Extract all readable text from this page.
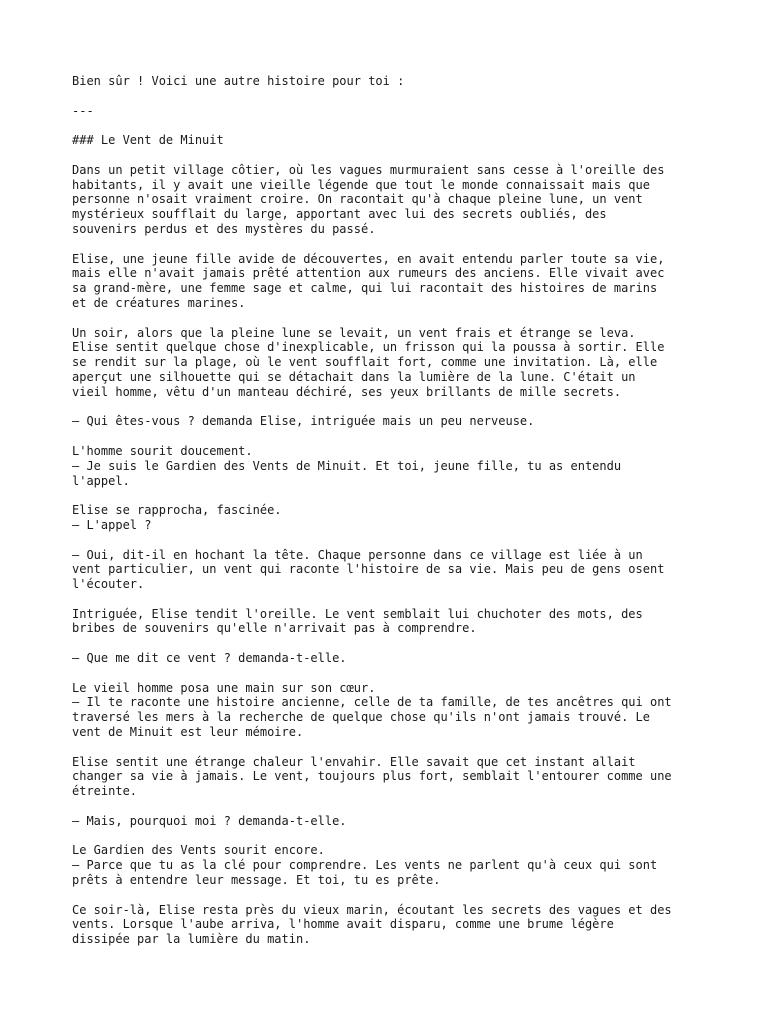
Bien sûr ! Voici une autre histoire pour toi :
---
### Le Vent de Minuit
Dans un petit village côtier, où les vagues murmuraient sans cesse à l'oreille des
habitants, il y avait une vieille légende que tout le monde connaissait mais que
personne n'osait vraiment croire. On racontait qu'à chaque pleine lune, un vent
mystérieux soufflait du large, apportant avec lui des secrets oubliés, des
souvenirs perdus et des mystères du passé.
Elise, une jeune fille avide de découvertes, en avait entendu parler toute sa vie,
mais elle n'avait jamais prêté attention aux rumeurs des anciens. Elle vivait avec
sa grand-mère, une femme sage et calme, qui lui racontait des histoires de marins
et de créatures marines.
Un soir, alors que la pleine lune se levait, un vent frais et étrange se leva.
Elise sentit quelque chose d'inexplicable, un frisson qui la poussa à sortir. Elle
se rendit sur la plage, où le vent soufflait fort, comme une invitation. Là, elle
aperçut une silhouette qui se détachait dans la lumière de la lune. C'était un
vieil homme, vêtu d'un manteau déchiré, ses yeux brillants de mille secrets.
– Qui êtes-vous ? demanda Elise, intriguée mais un peu nerveuse.
L'homme sourit doucement.
– Je suis le Gardien des Vents de Minuit. Et toi, jeune fille, tu as entendu
l'appel.
Elise se rapprocha, fascinée.
– L'appel ?
– Oui, dit-il en hochant la tête. Chaque personne dans ce village est liée à un
vent particulier, un vent qui raconte l'histoire de sa vie. Mais peu de gens osent
l'écouter.
Intriguée, Elise tendit l'oreille. Le vent semblait lui chuchoter des mots, des
bribes de souvenirs qu'elle n'arrivait pas à comprendre.
– Que me dit ce vent ? demanda-t-elle.
Le vieil homme posa une main sur son cœur.
– Il te raconte une histoire ancienne, celle de ta famille, de tes ancêtres qui ont
traversé les mers à la recherche de quelque chose qu'ils n'ont jamais trouvé. Le
vent de Minuit est leur mémoire.
Elise sentit une étrange chaleur l'envahir. Elle savait que cet instant allait
changer sa vie à jamais. Le vent, toujours plus fort, semblait l'entourer comme une
étreinte.
– Mais, pourquoi moi ? demanda-t-elle.
Le Gardien des Vents sourit encore.
– Parce que tu as la clé pour comprendre. Les vents ne parlent qu'à ceux qui sont
prêts à entendre leur message. Et toi, tu es prête.
Ce soir-là, Elise resta près du vieux marin, écoutant les secrets des vagues et des
vents. Lorsque l'aube arriva, l'homme avait disparu, comme une brume légère
dissipée par la lumière du matin.
